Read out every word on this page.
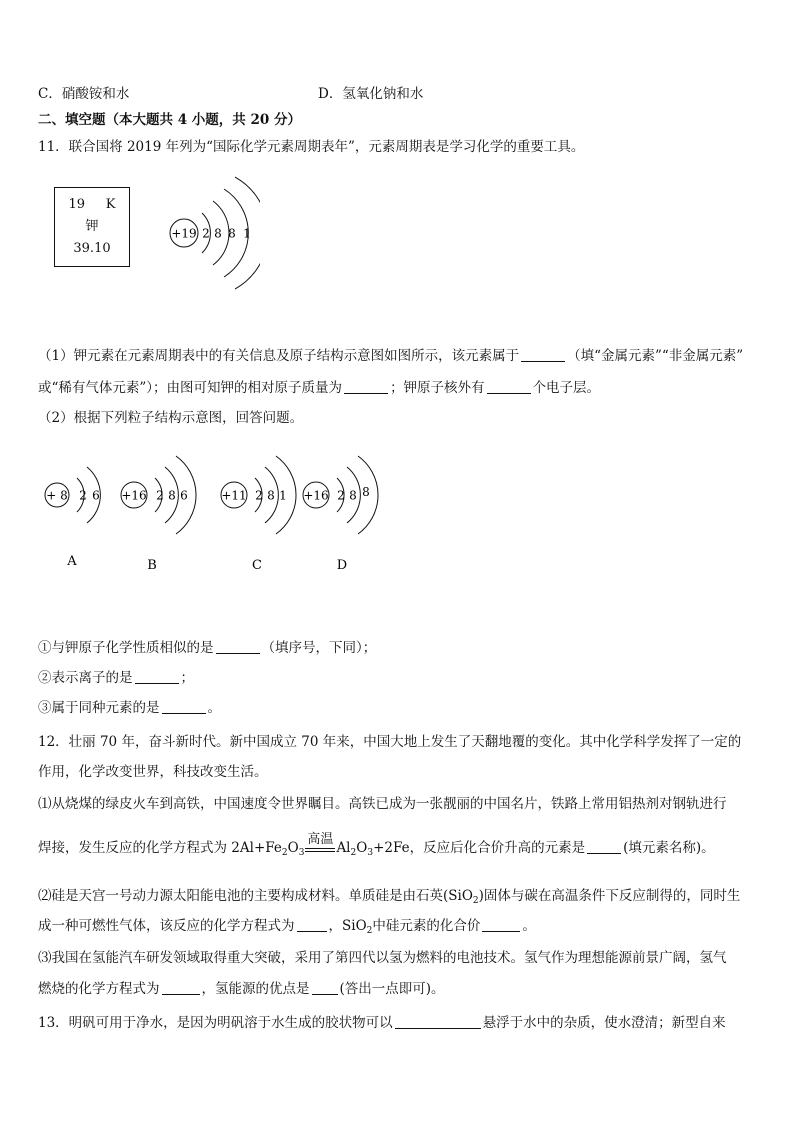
C．硝酸铵和水	D．氢氧化钠和水
二、填空题（本大题共 4 小题，共 20 分）
11．联合国将 2019 年列为“国际化学元素周期表年”，元素周期表是学习化学的重要工具。
19 K
钾
39.10
+19 2 8 8 1
（1）钾元素在元素周期表中的有关信息及原子结构示意图如图所示，该元素属于	（填“金属元素”“非金属元素”
或“稀有气体元素”）；由图可知钾的相对原子质量为	；钾原子核外有	个电子层。
（2）根据下列粒子结构示意图，回答问题。
+ 8 2 6
A
+16 2 8 6
B
+11 2 8 1
C
+16 2 8 8
D
①与钾原子化学性质相似的是	（填序号，下同）；
②表示离子的是	；
③属于同种元素的是	。
12．壮丽 70 年，奋斗新时代。新中国成立 70 年来，中国大地上发生了天翻地覆的变化。其中化学科学发挥了一定的
作用，化学改变世界，科技改变生活。
⑴从烧煤的绿皮火车到高铁，中国速度令世界瞩目。高铁已成为一张靓丽的中国名片，铁路上常用铝热剂对钢轨进行
焊接，发生反应的化学方程式为 $2Al+Fe_2O_3$
高温
$Al_2O_3+2Fe$，反应后化合价升高的元素是	(填元素名称)。
⑵硅是天宫一号动力源太阳能电池的主要构成材料。单质硅是由石英(SiO$_2$)固体与碳在高温条件下反应制得的，同时生
成一种可燃性气体，该反应的化学方程式为	，SiO$_2$中硅元素的化合价	。
⑶我国在氢能汽车研发领域取得重大突破，采用了第四代以氢为燃料的电池技术。氢气作为理想能源前景广阔，氢气
燃烧的化学方程式为	，氢能源的优点是 (答出一点即可)。
13．明矾可用于净水，是因为明矾溶于水生成的胶状物可以	悬浮于水中的杂质，使水澄清；新型自来
